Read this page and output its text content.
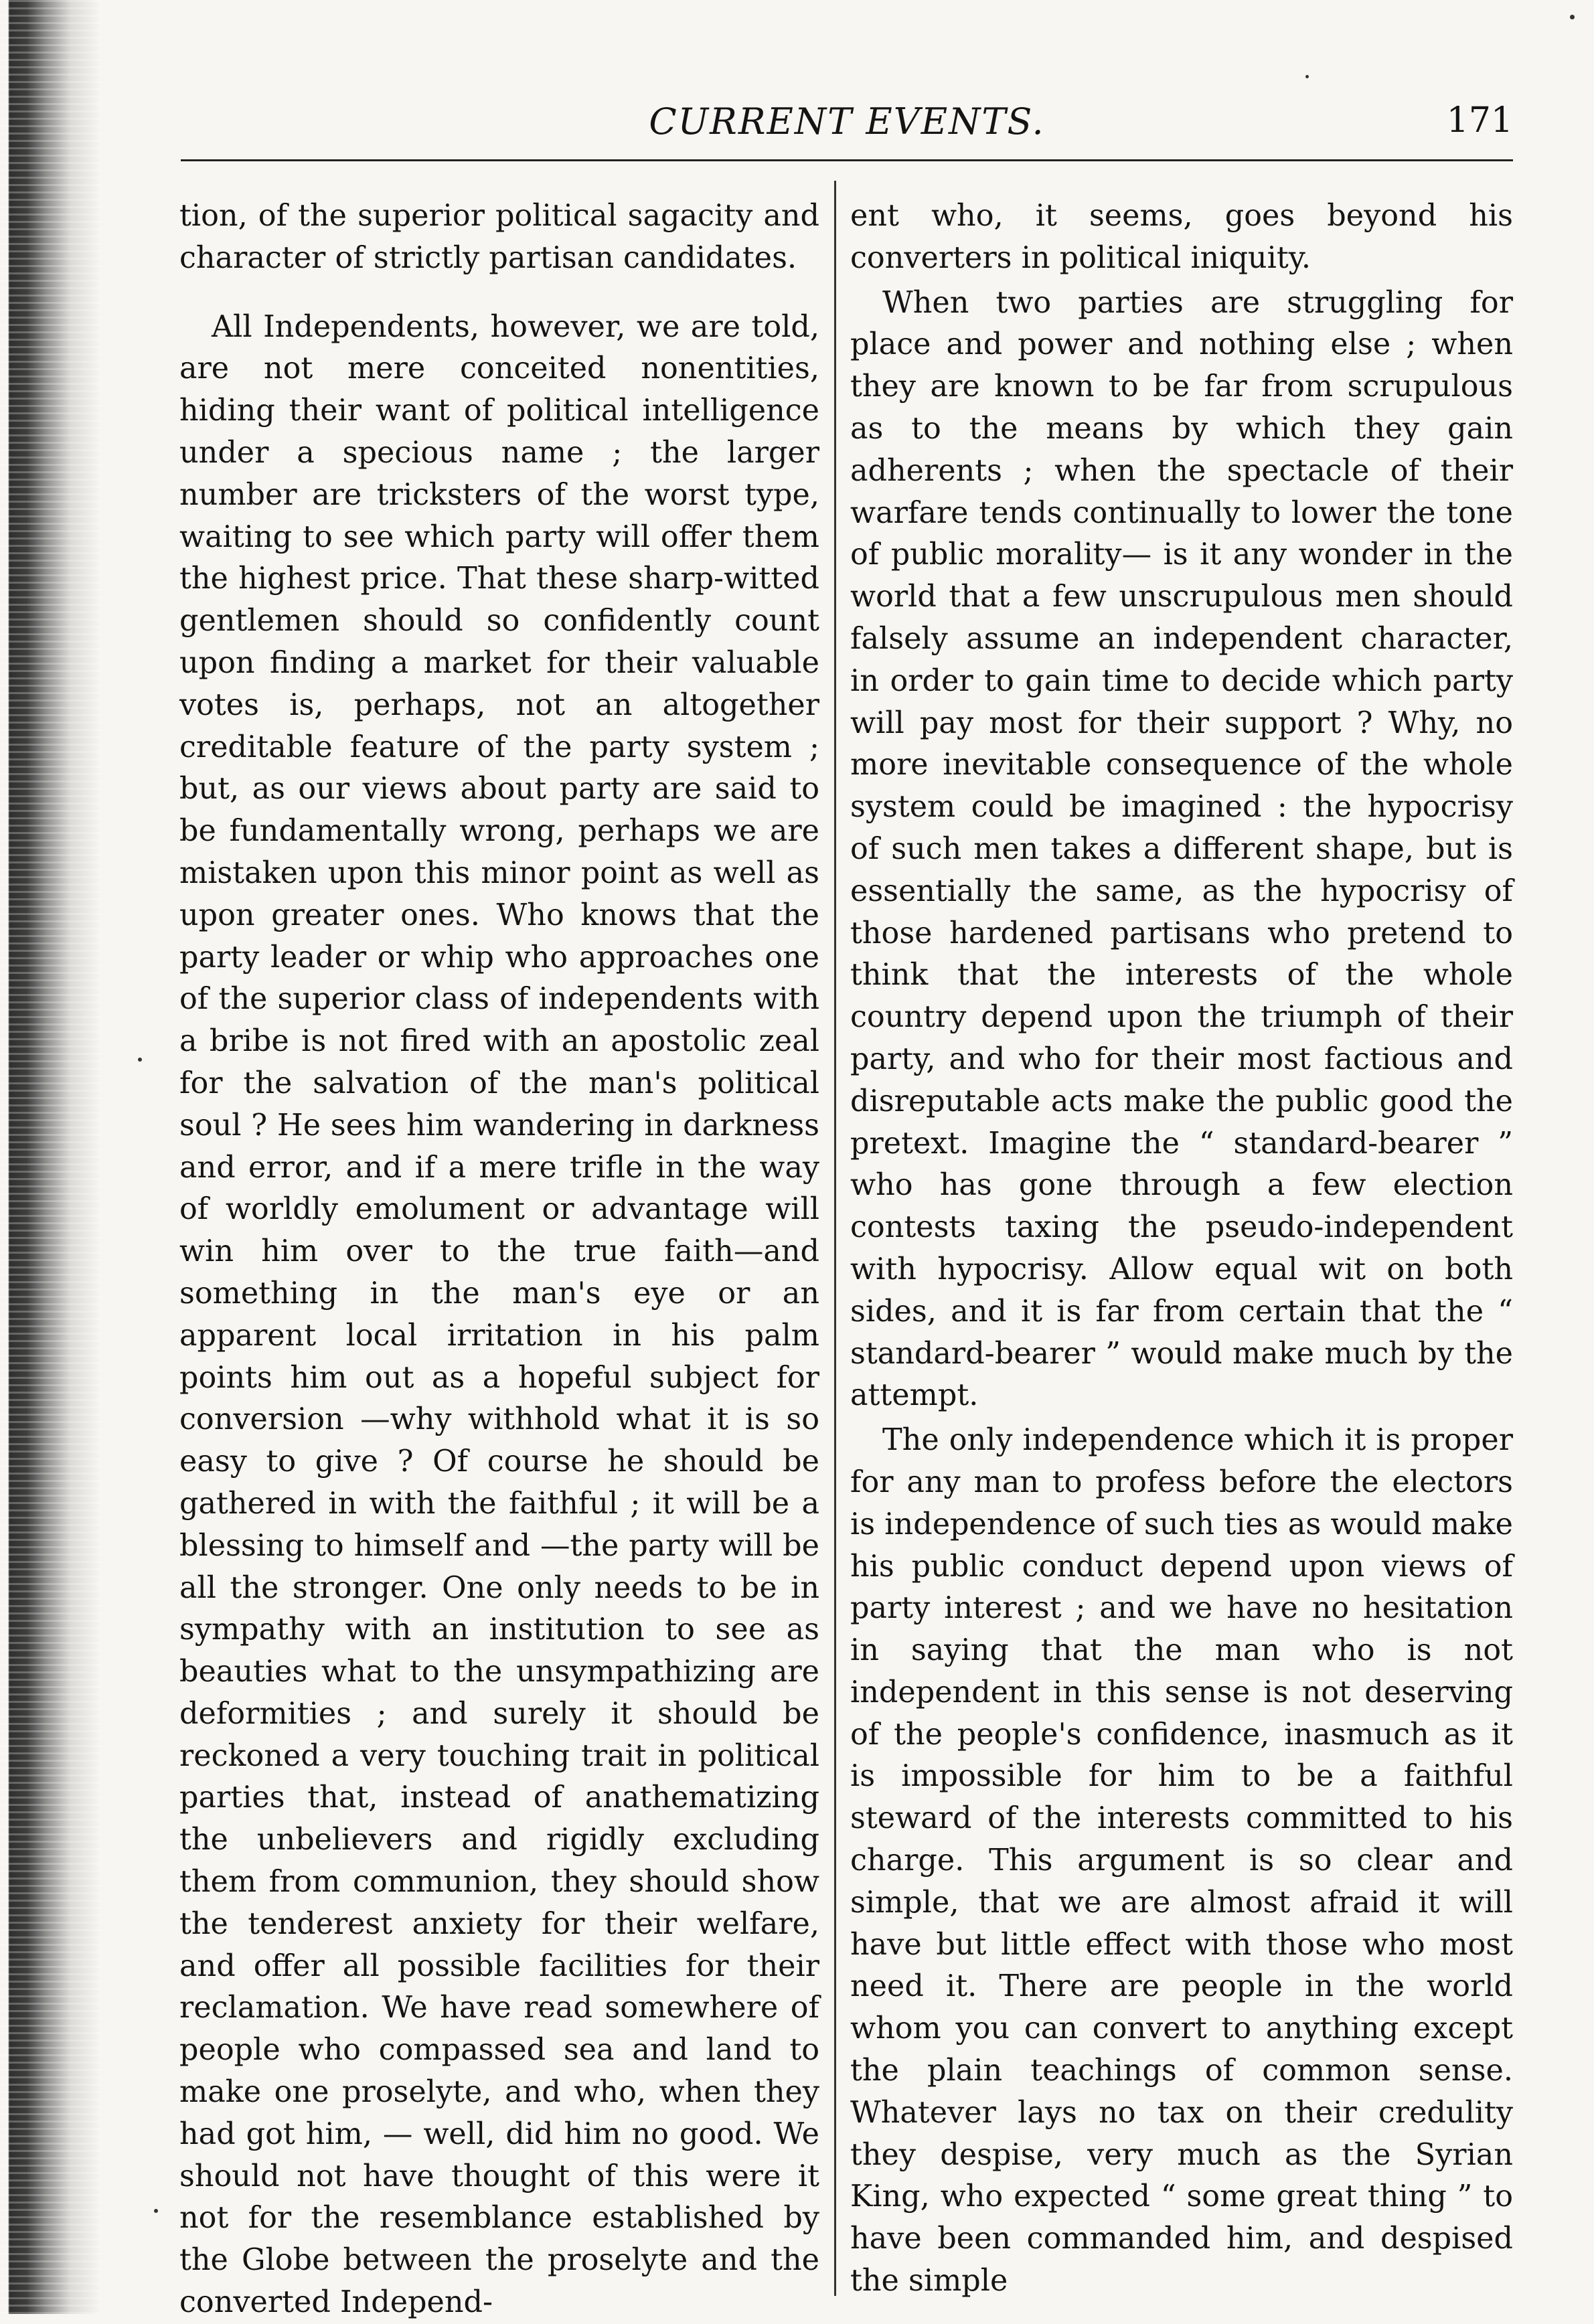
CURRENT EVENTS.	171

tion, of the superior political sagacity and character of strictly partisan candidates.

All Independents, however, we are told, are not mere conceited nonentities, hiding their want of political intelligence under a specious name ; the larger number are tricksters of the worst type, waiting to see which party will offer them the highest price. That these sharp-witted gentlemen should so confidently count upon finding a market for their valuable votes is, perhaps, not an altogether creditable feature of the party system ; but, as our views about party are said to be fundamentally wrong, perhaps we are mistaken upon this minor point as well as upon greater ones. Who knows that the party leader or whip who approaches one of the superior class of independents with a bribe is not fired with an apostolic zeal for the salvation of the man's political soul ? He sees him wandering in darkness and error, and if a mere trifle in the way of worldly emolument or advantage will win him over to the true faith—and something in the man's eye or an apparent local irritation in his palm points him out as a hopeful subject for conversion —why withhold what it is so easy to give ? Of course he should be gathered in with the faithful ; it will be a blessing to himself and —the party will be all the stronger. One only needs to be in sympathy with an institution to see as beauties what to the unsympathizing are deformities ; and surely it should be reckoned a very touching trait in political parties that, instead of anathematizing the unbelievers and rigidly excluding them from communion, they should show the tenderest anxiety for their welfare, and offer all possible facilities for their reclamation. We have read somewhere of people who compassed sea and land to make one proselyte, and who, when they had got him, — well, did him no good. We should not have thought of this were it not for the resemblance established by the Globe between the proselyte and the converted Independ-

ent who, it seems, goes beyond his converters in political iniquity.

When two parties are struggling for place and power and nothing else ; when they are known to be far from scrupulous as to the means by which they gain adherents ; when the spectacle of their warfare tends continually to lower the tone of public morality— is it any wonder in the world that a few unscrupulous men should falsely assume an independent character, in order to gain time to decide which party will pay most for their support ? Why, no more inevitable consequence of the whole system could be imagined : the hypocrisy of such men takes a different shape, but is essentially the same, as the hypocrisy of those hardened partisans who pretend to think that the interests of the whole country depend upon the triumph of their party, and who for their most factious and disreputable acts make the public good the pretext. Imagine the “ standard-bearer ” who has gone through a few election contests taxing the pseudo-independent with hypocrisy. Allow equal wit on both sides, and it is far from certain that the “ standard-bearer ” would make much by the attempt.

The only independence which it is proper for any man to profess before the electors is independence of such ties as would make his public conduct depend upon views of party interest ; and we have no hesitation in saying that the man who is not independent in this sense is not deserving of the people's confidence, inasmuch as it is impossible for him to be a faithful steward of the interests committed to his charge. This argument is so clear and simple, that we are almost afraid it will have but little effect with those who most need it. There are people in the world whom you can convert to anything except the plain teachings of common sense. Whatever lays no tax on their credulity they despise, very much as the Syrian King, who expected “ some great thing ” to have been commanded him, and despised the simple
